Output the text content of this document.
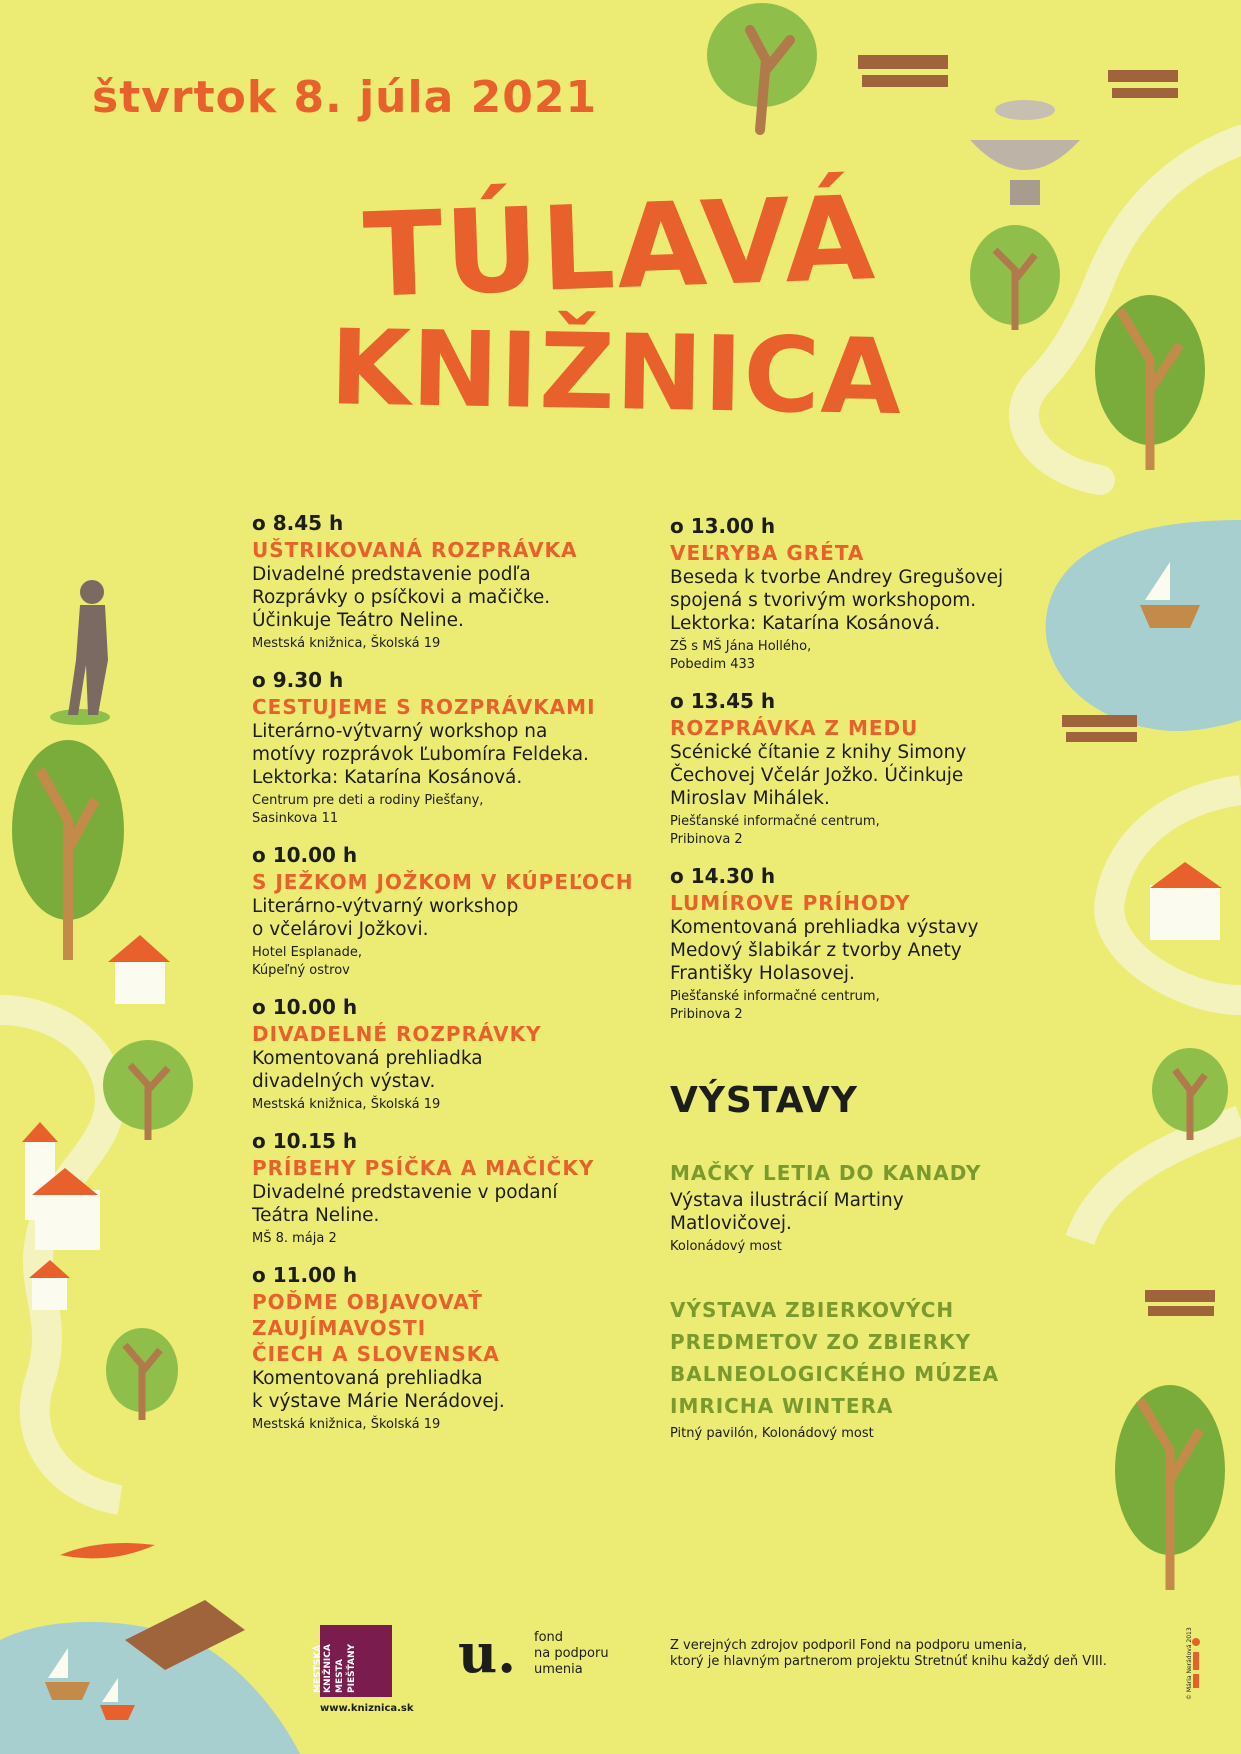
štvrtok 8. júla 2021
TÚLAVÁ
KNIŽNICA
o 8.45 h
UŠTRIKOVANÁ ROZPRÁVKA
Divadelné predstavenie podľa
Rozprávky o psíčkovi a mačičke.
Účinkuje Teátro Neline.
Mestská knižnica, Školská 19
o 9.30 h
CESTUJEME S ROZPRÁVKAMI
Literárno-výtvarný workshop na
motívy rozprávok Ľubomíra Feldeka.
Lektorka: Katarína Kosánová.
Centrum pre deti a rodiny Piešťany,
Sasinkova 11
o 10.00 h
S JEŽKOM JOŽKOM V KÚPEĽOCH
Literárno-výtvarný workshop
o včelárovi Jožkovi.
Hotel Esplanade,
Kúpeľný ostrov
o 10.00 h
DIVADELNÉ ROZPRÁVKY
Komentovaná prehliadka
divadelných výstav.
Mestská knižnica, Školská 19
o 10.15 h
PRÍBEHY PSÍČKA A MAČIČKY
Divadelné predstavenie v podaní
Teátra Neline.
MŠ 8. mája 2
o 11.00 h
POĎME OBJAVOVAŤ
ZAUJÍMAVOSTI
ČIECH A SLOVENSKA
Komentovaná prehliadka
k výstave Márie Nerádovej.
Mestská knižnica, Školská 19
o 13.00 h
VEĽRYBA GRÉTA
Beseda k tvorbe Andrey Gregušovej
spojená s tvorivým workshopom.
Lektorka: Katarína Kosánová.
ZŠ s MŠ Jána Hollého,
Pobedim 433
o 13.45 h
ROZPRÁVKA Z MEDU
Scénické čítanie z knihy Simony
Čechovej Včelár Jožko. Účinkuje
Miroslav Mihálek.
Piešťanské informačné centrum,
Pribinova 2
o 14.30 h
LUMÍROVE PRÍHODY
Komentovaná prehliadka výstavy
Medový šlabikár z tvorby Anety
Františky Holasovej.
Piešťanské informačné centrum,
Pribinova 2
VÝSTAVY
MAČKY LETIA DO KANADY
Výstava ilustrácií Martiny
Matlovičovej.
Kolonádový most
VÝSTAVA ZBIERKOVÝCH
PREDMETOV ZO ZBIERKY
BALNEOLOGICKÉHO MÚZEA
IMRICHA WINTERA
Pitný pavilón, Kolonádový most
MESTSKÁ KNIŽNICA MESTA PIEŠŤANY
www.kniznica.sk
u. fond
na podporu
umenia
Z verejných zdrojov podporil Fond na podporu umenia,
ktorý je hlavným partnerom projektu Stretnúť knihu každý deň VIII.	© Mária Nerádová 2013
